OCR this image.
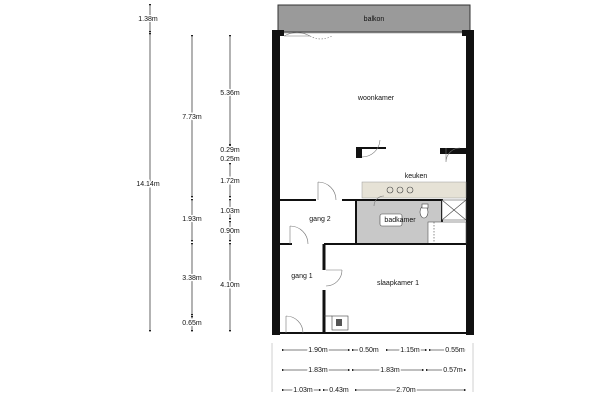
balkon
woonkamer
keuken
badkamer
gang 2
gang 1
slaapkamer 1
1.38m
14.14m
7.73m
1.93m
3.38m
0.65m
5.36m
0.29m
0.25m
1.72m
1.03m
0.90m
4.10m
1.90m	0.50m	1.15m	0.55m
1.83m	1.83m	0.57m
1.03m 0.43m	2.70m
